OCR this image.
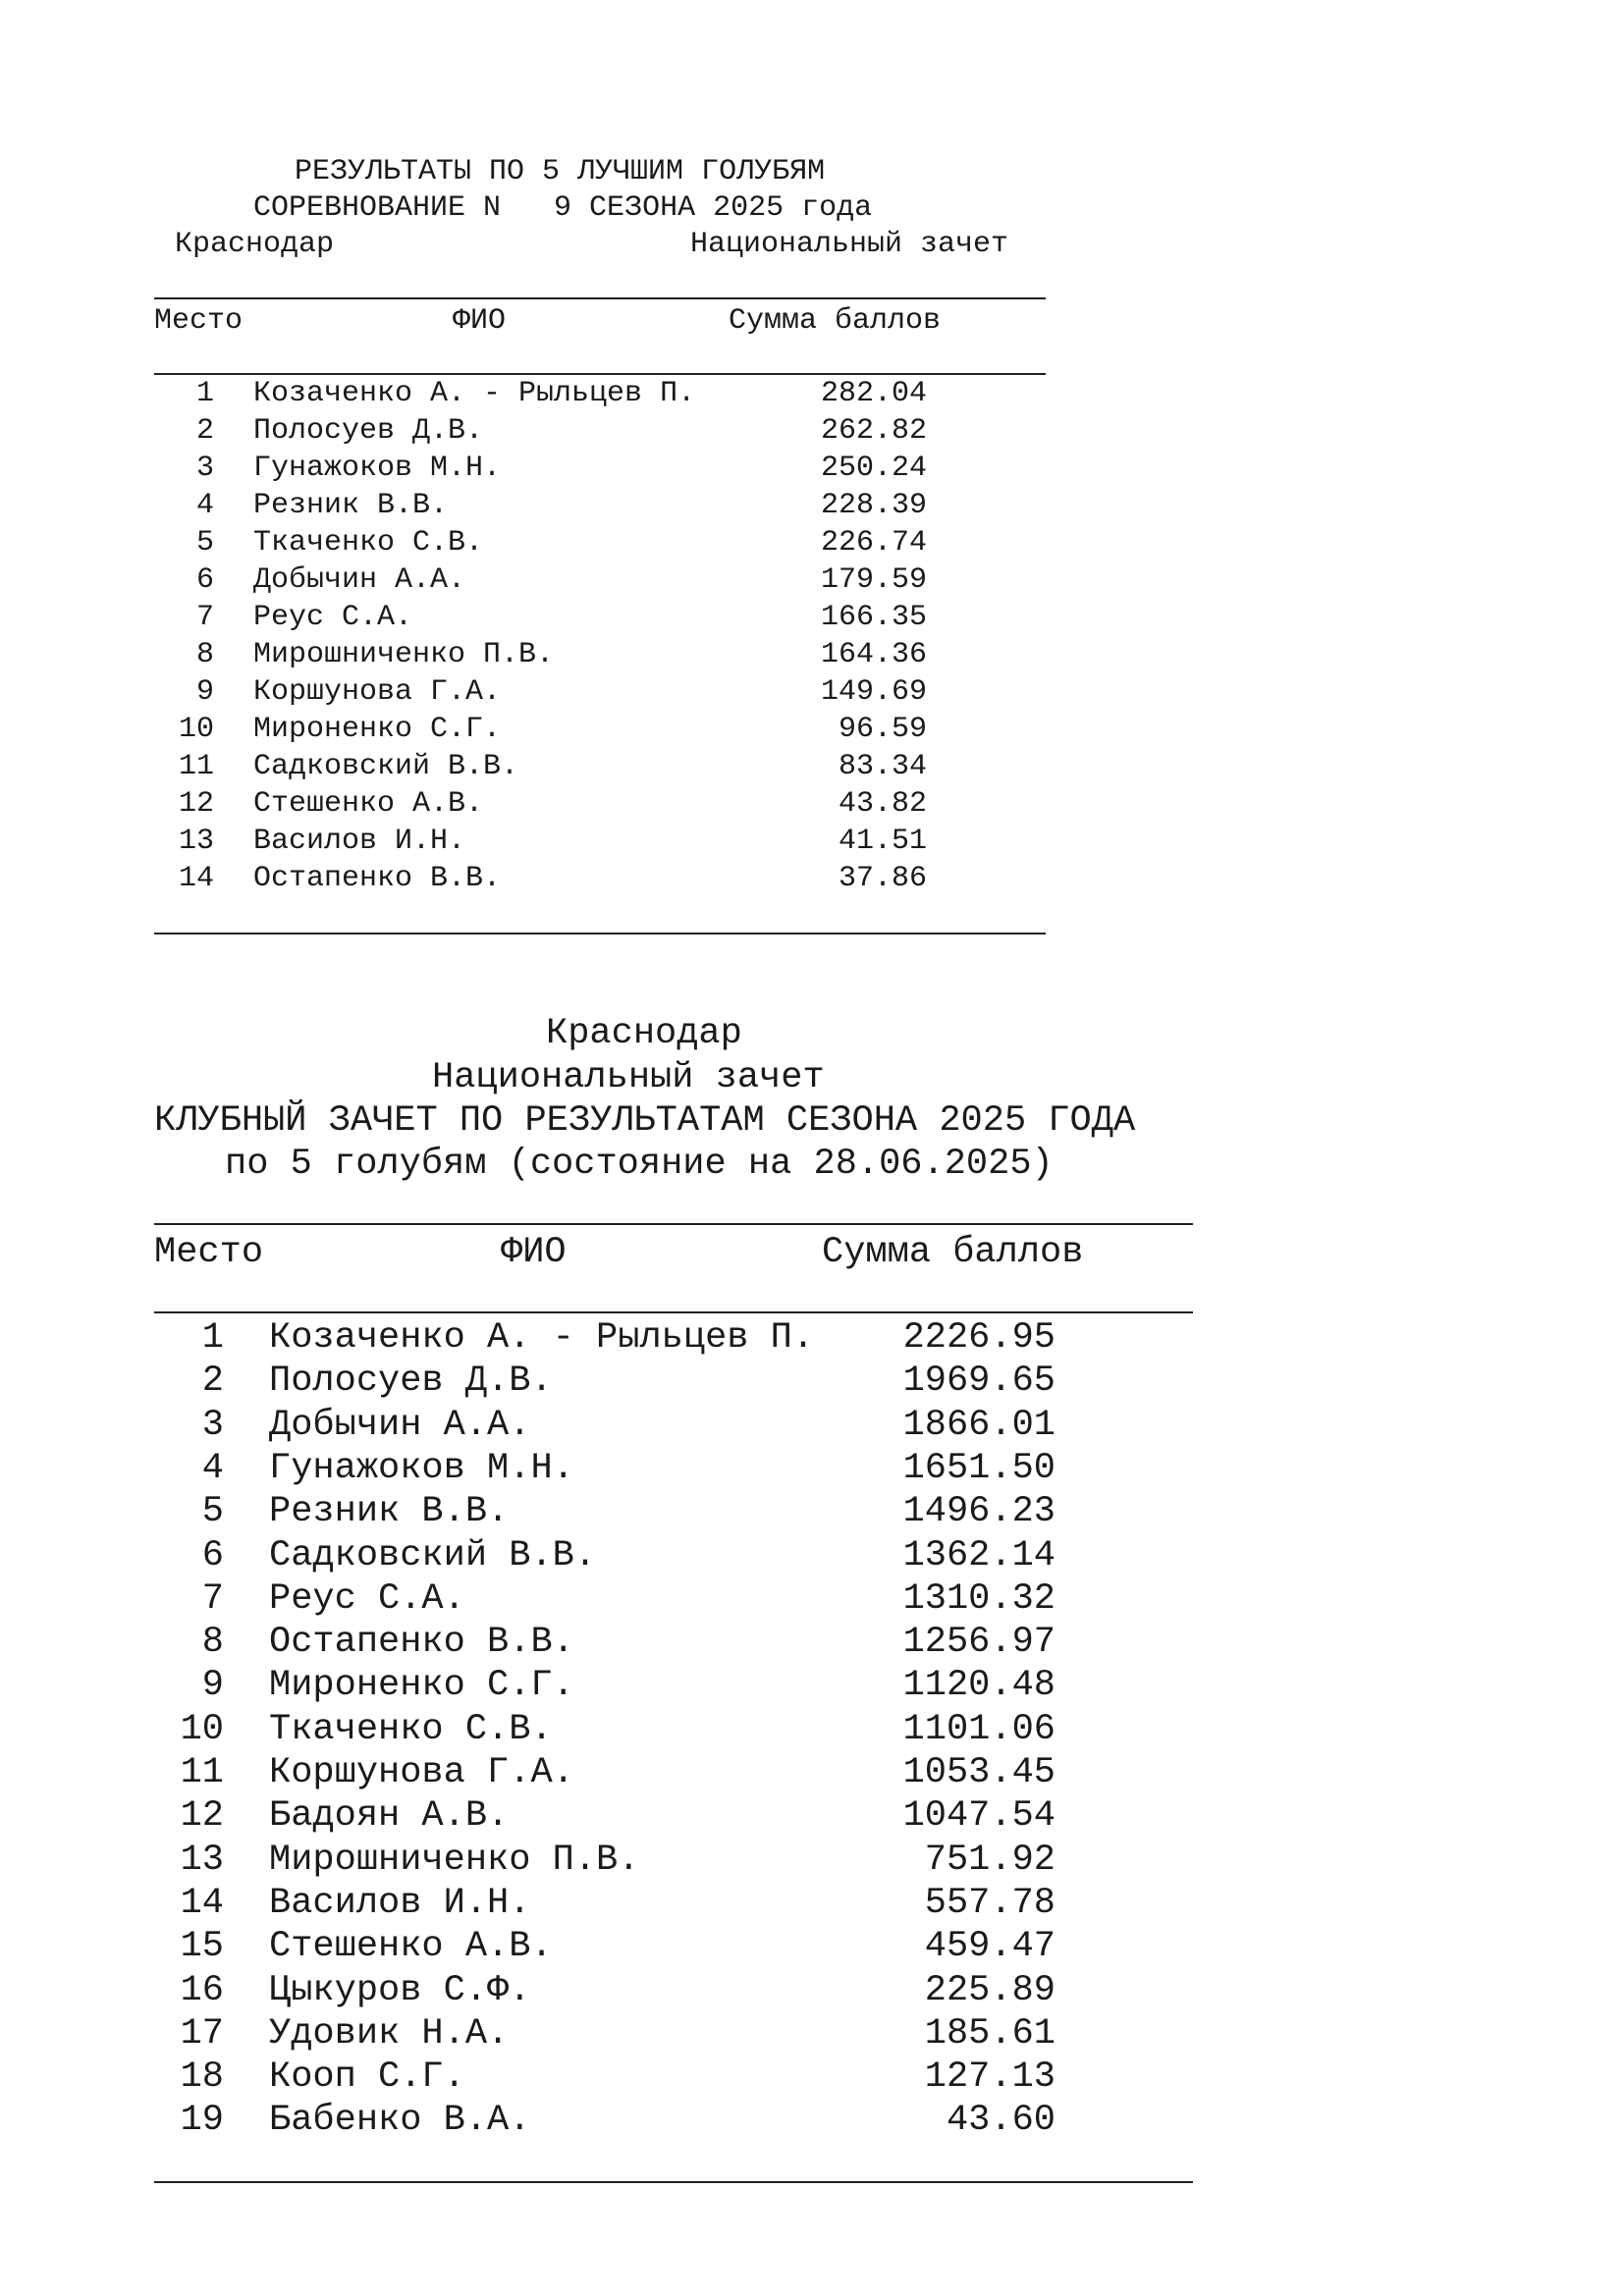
РЕЗУЛЬТАТЫ ПО 5 ЛУЧШИМ ГОЛУБЯМ
СОРЕВНОВАНИЕ N   9 СЕЗОНА 2025 года
Краснодар	Национальный зачет
Место	ФИО	Сумма баллов
1 Козаченко А. - Рыльцев П.	282.04
2 Полосуев Д.В.	262.82
3 Гунажоков М.Н.	250.24
4 Резник В.В.	228.39
5 Ткаченко С.В.	226.74
6 Добычин А.А.	179.59
7 Реус С.А.	166.35
8 Мирошниченко П.В.	164.36
9 Коршунова Г.А.	149.69
10 Мироненко С.Г.	96.59
11 Садковский В.В.	83.34
12 Стешенко А.В.	43.82
13 Василов И.Н.	41.51
14 Остапенко В.В.	37.86
Краснодар
Национальный зачет
КЛУБНЫЙ ЗАЧЕТ ПО РЕЗУЛЬТАТАМ СЕЗОНА 2025 ГОДА
по 5 голубям (состояние на 28.06.2025)
Место	ФИО	Сумма баллов
1 Козаченко А. - Рыльцев П.	2226.95
2 Полосуев Д.В.	1969.65
3 Добычин А.А.	1866.01
4 Гунажоков М.Н.	1651.50
5 Резник В.В.	1496.23
6 Садковский В.В.	1362.14
7 Реус С.А.	1310.32
8 Остапенко В.В.	1256.97
9 Мироненко С.Г.	1120.48
10 Ткаченко С.В.	1101.06
11 Коршунова Г.А.	1053.45
12 Бадоян А.В.	1047.54
13 Мирошниченко П.В.	751.92
14 Василов И.Н.	557.78
15 Стешенко А.В.	459.47
16 Цыкуров С.Ф.	225.89
17 Удовик Н.А.	185.61
18 Кооп С.Г.	127.13
19 Бабенко В.А.	43.60
